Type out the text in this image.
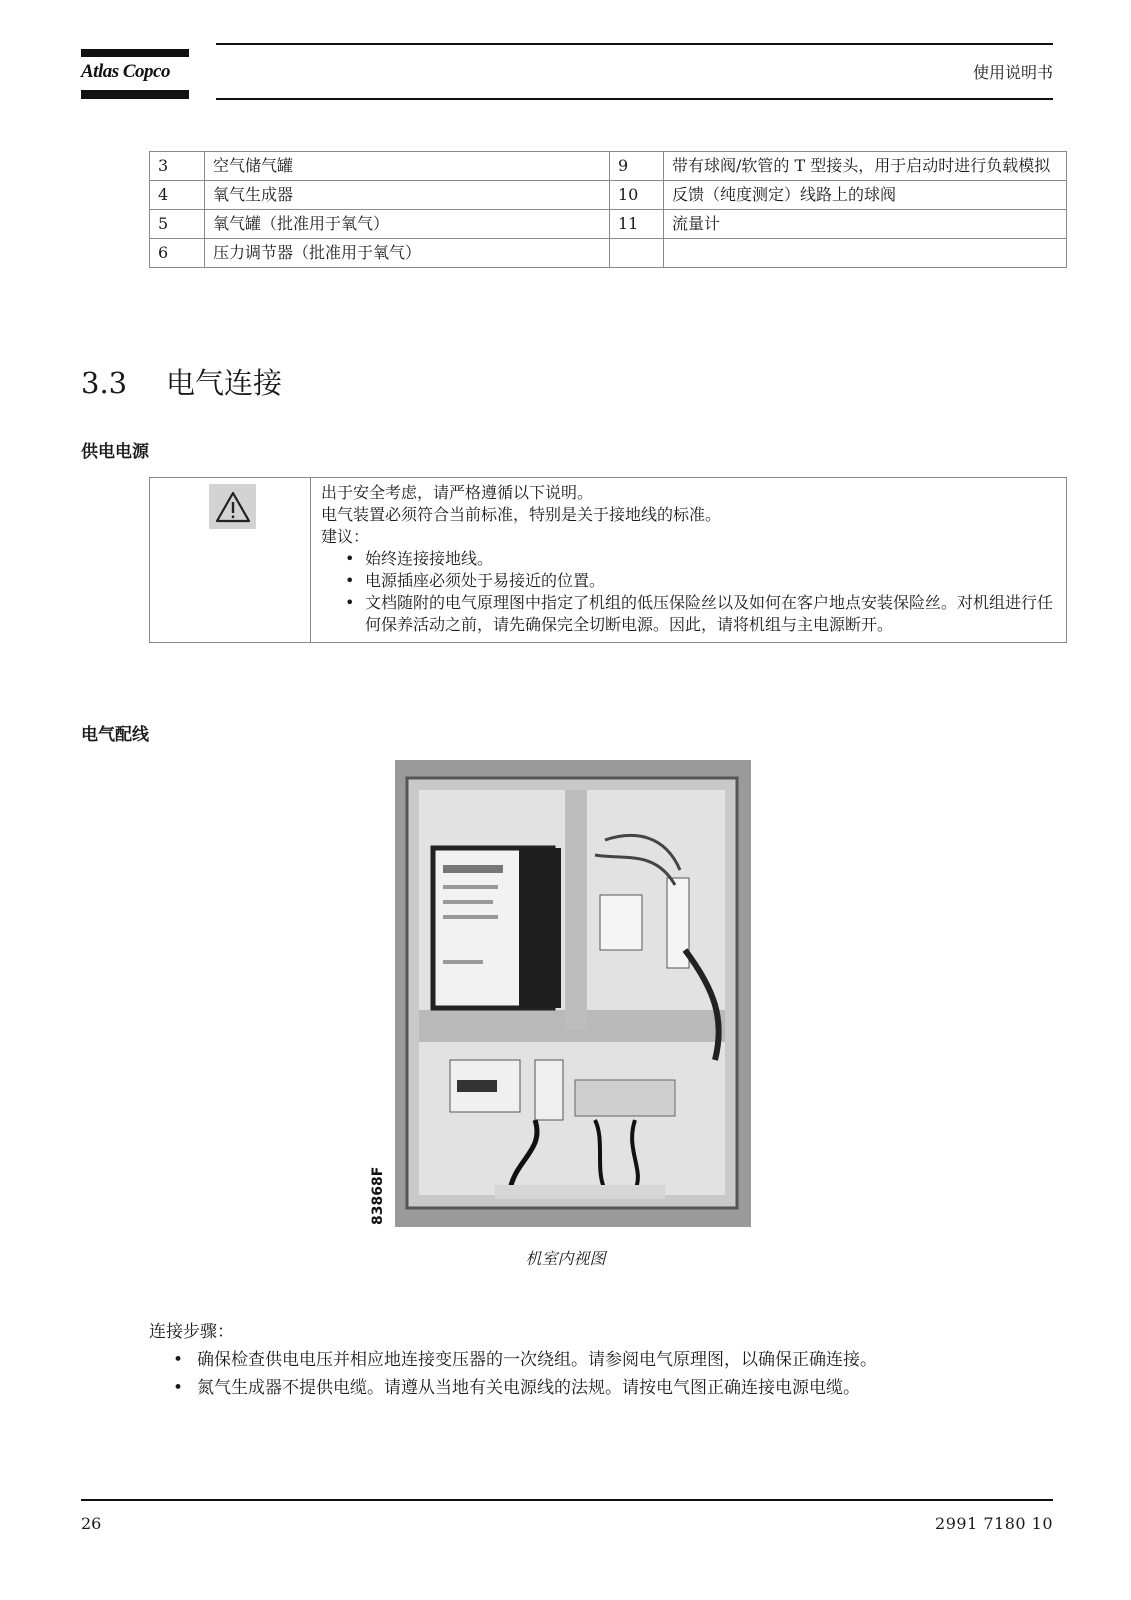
Atlas Copco	使用说明书
3	空气储气罐	9	带有球阀/软管的 T 型接头，用于启动时进行负载模拟
4	氧气生成器	10	反馈（纯度测定）线路上的球阀
5	氧气罐（批准用于氧气）	11	流量计
6	压力调节器（批准用于氧气）		
3.3 电气连接
供电电源

出于安全考虑，请严格遵循以下说明。
电气装置必须符合当前标准，特别是关于接地线的标准。
建议：
• 始终连接接地线。
• 电源插座必须处于易接近的位置。
• 文档随附的电气原理图中指定了机组的低压保险丝以及如何在客户地点安装保险丝。对机组进行任何保养活动之前，请先确保完全切断电源。因此，请将机组与主电源断开。
电气配线
83868F
机室内视图
连接步骤：
• 确保检查供电电压并相应地连接变压器的一次绕组。请参阅电气原理图，以确保正确连接。
• 氮气生成器不提供电缆。请遵从当地有关电源线的法规。请按电气图正确连接电源电缆。
26	2991 7180 10
